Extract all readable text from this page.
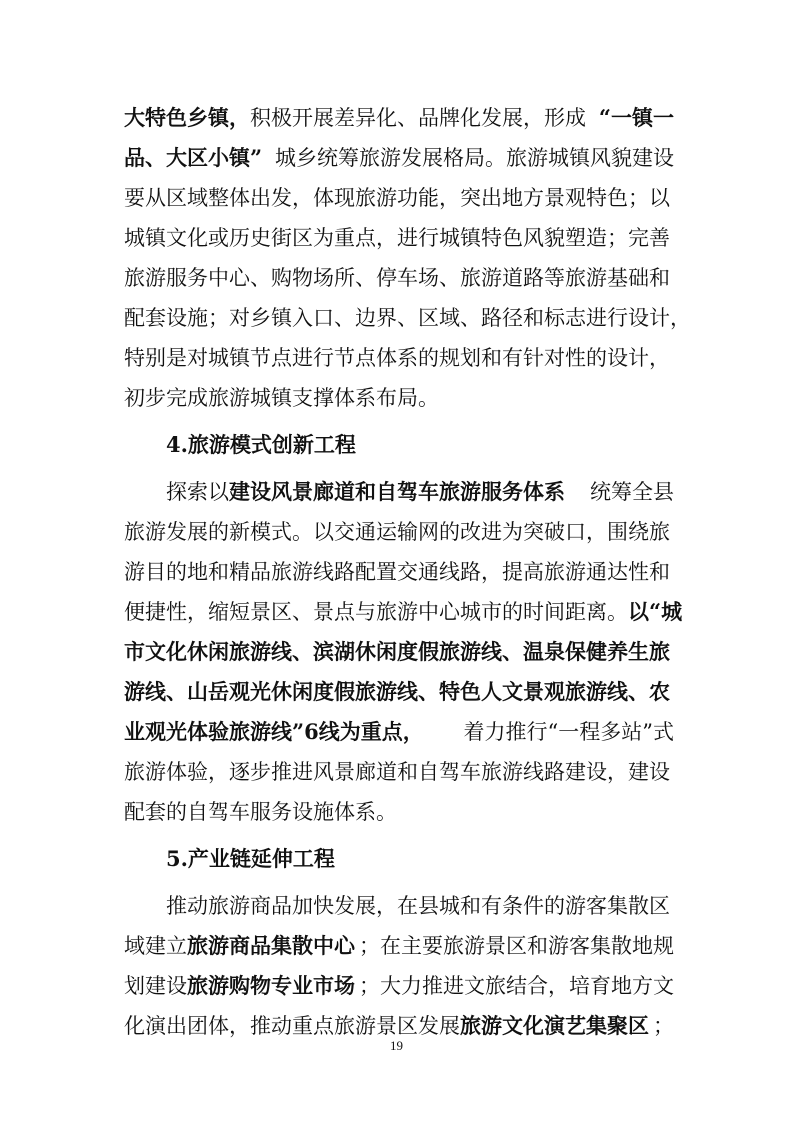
大特色乡镇，积极开展差异化、品牌化发展，形成 “一镇一
品、大区小镇” 城乡统筹旅游发展格局。旅游城镇风貌建设
要从区域整体出发，体现旅游功能，突出地方景观特色；以
城镇文化或历史街区为重点，进行城镇特色风貌塑造；完善
旅游服务中心、购物场所、停车场、旅游道路等旅游基础和
配套设施；对乡镇入口、边界、区域、路径和标志进行设计，
特别是对城镇节点进行节点体系的规划和有针对性的设计，
初步完成旅游城镇支撑体系布局。
4.旅游模式创新工程
探索以建设风景廊道和自驾车旅游服务体系 统筹全县
旅游发展的新模式。以交通运输网的改进为突破口，围绕旅
游目的地和精品旅游线路配置交通线路，提高旅游通达性和
便捷性，缩短景区、景点与旅游中心城市的时间距离。 以“城
市文化休闲旅游线、滨湖休闲度假旅游线、温泉保健养生旅
游线、山岳观光休闲度假旅游线、特色人文景观旅游线、农
业观光体验旅游线”6线为重点， 着力推行“一程多站”式
旅游体验，逐步推进风景廊道和自驾车旅游线路建设，建设
配套的自驾车服务设施体系。
5.产业链延伸工程
推动旅游商品加快发展，在县城和有条件的游客集散区
域建立旅游商品集散中心 ；在主要旅游景区和游客集散地规
划建设旅游购物专业市场 ；大力推进文旅结合，培育地方文
化演出团体，推动重点旅游景区发展旅游文化演艺集聚区 ；
19
